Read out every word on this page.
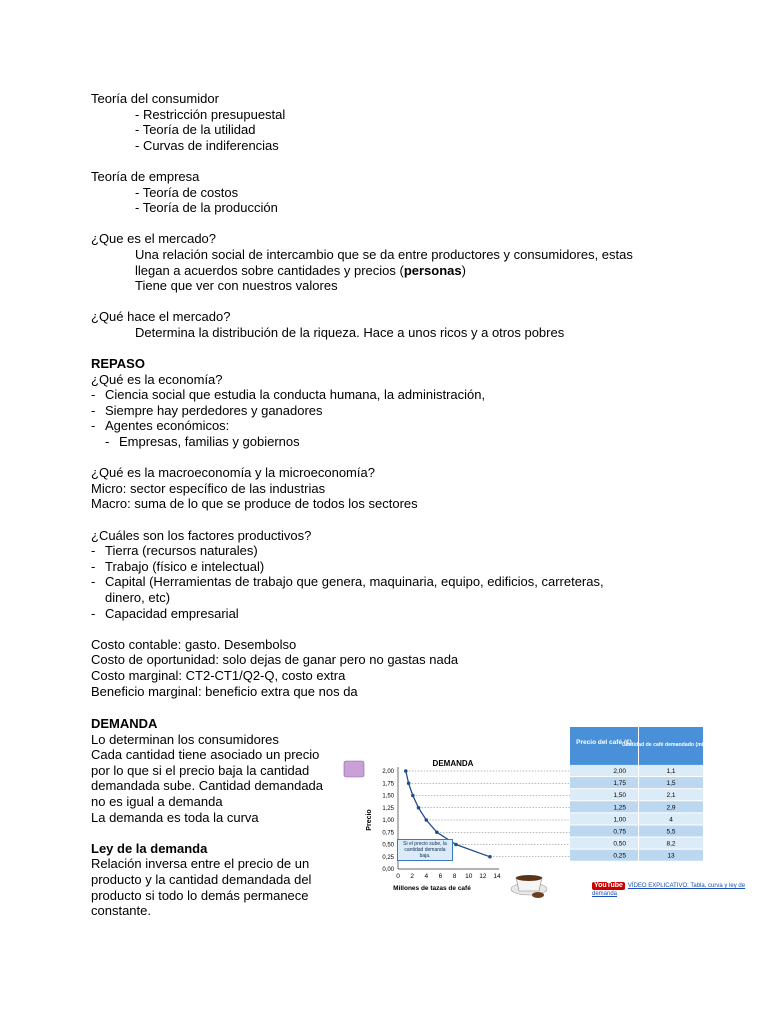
Teoría del consumidor
- Restricción presupuestal
- Teoría de la utilidad
- Curvas de indiferencias
Teoría de empresa
- Teoría de costos
- Teoría de la producción
¿Que es el mercado?
Una relación social de intercambio que se da entre productores y consumidores, estas
llegan a acuerdos sobre cantidades y precios (personas)
Tiene que ver con nuestros valores
¿Qué hace el mercado?
Determina la distribución de la riqueza. Hace a unos ricos y a otros pobres
REPASO
¿Qué es la economía?
- Ciencia social que estudia la conducta humana, la administración,
- Siempre hay perdedores y ganadores
- Agentes económicos:
- Empresas, familias y gobiernos
¿Qué es la macroeconomía y la microeconomía?
Micro: sector específico de las industrias
Macro: suma de lo que se produce de todos los sectores
¿Cuáles son los factores productivos?
- Tierra (recursos naturales)
- Trabajo (físico e intelectual)
- Capital (Herramientas de trabajo que genera, maquinaria, equipo, edificios, carreteras, dinero, etc)
- Capacidad empresarial
Costo contable: gasto. Desembolso
Costo de oportunidad: solo dejas de ganar pero no gastas nada
Costo marginal: CT2-CT1/Q2-Q, costo extra
Beneficio marginal: beneficio extra que nos da
DEMANDA
Lo determinan los consumidores
Cada cantidad tiene asociado un precio por lo que si el precio baja la cantidad demandada sube. Cantidad demandada no es igual a demanda
La demanda es toda la curva
Ley de la demanda
Relación inversa entre el precio de un producto y la cantidad demandada del producto si todo lo demás permanece constante.
DEMANDA
0,00
0,25
0,50
0,75
1,00
1,25
1,50
1,75
2,00
0 2 4 6 8 10 12 14
Millones de tazas de café
Precio
Precio del café (€)
Cantidad de café demandado (millones)
2,00	1,1
1,75	1,5
1,50	2,1
1,25	2,9
1,00	4
0,75	5,5
0,50	8,2
0,25	13
Si el precio sube, la cantidad demanda baja.
YouTube VÍDEO EXPLICATIVO: Tabla, curva y ley de demanda
